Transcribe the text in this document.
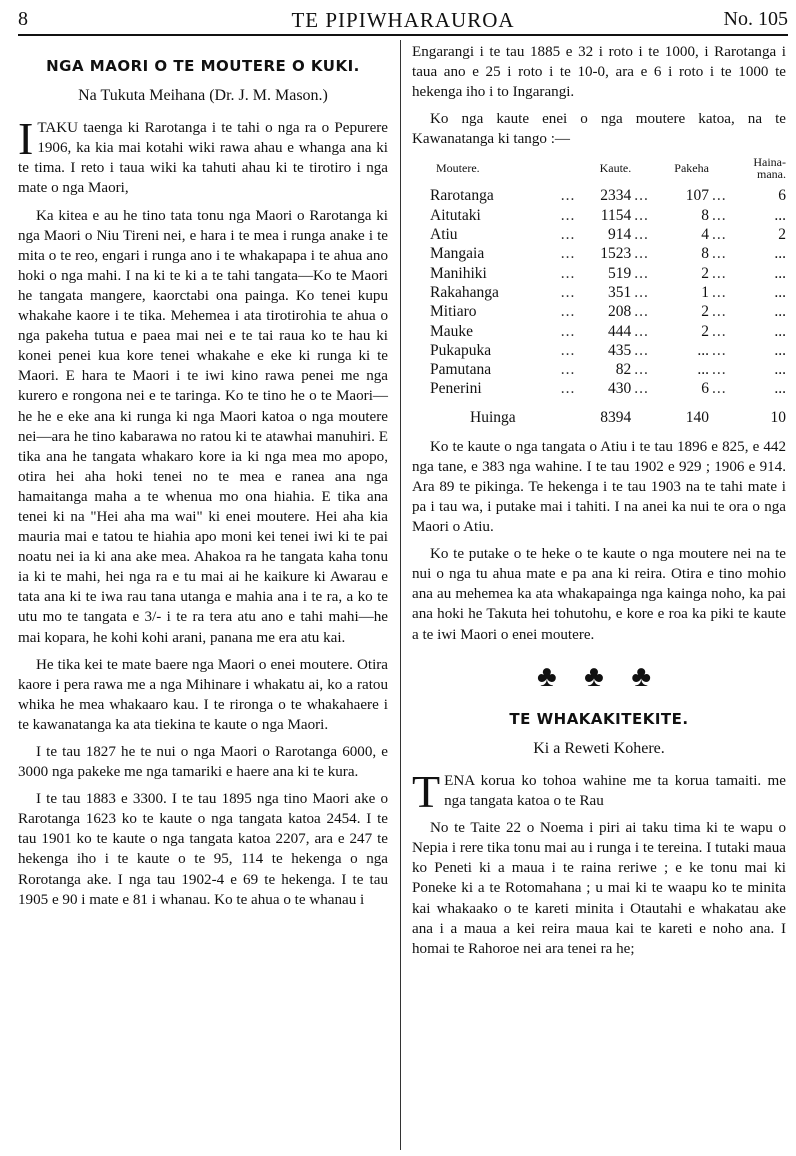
8	TE PIPIWHARAUROA	No. 105
NGA MAORI O TE MOUTERE O KUKI.
Na Tukuta Meihana (Dr. J. M. Mason.)

ITAKU taenga ki Rarotanga i te tahi o nga ra o Pepurere 1906, ka kia mai kotahi wiki rawa ahau e whanga ana ki te tima. I reto i taua wiki ka tahuti ahau ki te tirotiro i nga mate o nga Maori,

Ka kitea e au he tino tata tonu nga Maori o Rarotanga ki nga Maori o Niu Tireni nei, e hara i te mea i runga anake i te mita o te reo, engari i runga ano i te whakapapa i te ahua ano hoki o nga mahi. I na ki te ki a te tahi tangata—Ko te Maori he tangata mangere, kaorctabi ona painga. Ko tenei kupu whakahe kaore i te tika. Mehemea i ata tirotirohia te ahua o nga pakeha tutua e paea mai nei e te tai raua ko te hau ki konei penei kua kore tenei whakahe e eke ki runga ki te Maori. E hara te Maori i te iwi kino rawa penei me nga kurero e rongona nei e te taringa. Ko te tino he o te Maori—he he e eke ana ki runga ki nga Maori katoa o nga moutere nei—ara he tino kabarawa no ratou ki te atawhai manuhiri. E tika ana he tangata whakaro kore ia ki nga mea mo apopo, otira hei aha hoki tenei no te mea e ranea ana nga hamaitanga maha a te whenua mo ona hiahia. E tika ana tenei ki na "Hei aha ma wai" ki enei moutere. Hei aha kia mauria mai e tatou te hiahia apo moni kei tenei iwi ki te pai noatu nei ia ki ana ake mea. Ahakoa ra he tangata kaha tonu ia ki te mahi, hei nga ra e tu mai ai he kaikure ki Awarau e tata ana ki te iwa rau tana utanga e mahia ana i te ra, a ko te utu mo te tangata e 3/- i te ra tera atu ano e tahi mahi—he mai kopara, he kohi kohi arani, panana me era atu kai.

He tika kei te mate baere nga Maori o enei moutere. Otira kaore i pera rawa me a nga Mihinare i whakatu ai, ko a ratou whika he mea whakaaro kau. I te rironga o te whakahaere i te kawanatanga ka ata tiekina te kaute o nga Maori.

I te tau 1827 he te nui o nga Maori o Rarotanga 6000, e 3000 nga pakeke me nga tamariki e haere ana ki te kura.

I te tau 1883 e 3300. I te tau 1895 nga tino Maori ake o Rarotanga 1623 ko te kaute o nga tangata katoa 2454. I te tau 1901 ko te kaute o nga tangata katoa 2207, ara e 247 te hekenga iho i te kaute o te 95, 114 te hekenga o nga Rorotanga ake. I nga tau 1902-4 e 69 te hekenga. I te tau 1905 e 90 i mate e 81 i whanau. Ko te ahua o te whanau i

Engarangi i te tau 1885 e 32 i roto i te 1000, i Rarotanga i taua ano e 25 i roto i te 10-0, ara e 6 i roto i te 1000 te hekenga iho i to Ingarangi.

Ko nga kaute enei o nga moutere katoa, na te Kawanatanga ki tango :—

Moutere.		Kaute.		Pakeha		Haina-mana.
Rarotanga	...	2334	...	107	...	6
Aitutaki	...	1154	...	8	...	...
Atiu	...	914	...	4	...	2
Mangaia	...	1523	...	8	...	...
Manihiki	...	519	...	2	...	...
Rakahanga	...	351	...	1	...	...
Mitiaro	...	208	...	2	...	...
Mauke	...	444	...	2	...	...
Pukapuka	...	435	...	...	...	...
Pamutana	...	82	...	...	...	...
Penerini	...	430	...	6	...	...
Huinga		8394		140		10

Ko te kaute o nga tangata o Atiu i te tau 1896 e 825, e 442 nga tane, e 383 nga wahine. I te tau 1902 e 929 ; 1906 e 914. Ara 89 te pikinga. Te hekenga i te tau 1903 na te tahi mate i pa i tau wa, i putake mai i tahiti. I na anei ka nui te ora o nga Maori o Atiu.

Ko te putake o te heke o te kaute o nga moutere nei na te nui o nga tu ahua mate e pa ana ki reira. Otira e tino mohio ana au mehemea ka ata whakapainga nga kainga noho, ka pai ana hoki he Takuta hei tohutohu, e kore e roa ka piki te kaute a te iwi Maori o enei moutere.

♣ ♣ ♣
TE WHAKAKITEKITE.
Ki a Reweti Kohere.

TENA korua ko tohoa wahine me ta korua tamaiti. me nga tangata katoa o te Rau

No te Taite 22 o Noema i piri ai taku tima ki te wapu o Nepia i rere tika tonu mai au i runga i te tereina. I tutaki maua ko Peneti ki a maua i te raina reriwe ; e ke tonu mai ki Poneke ki a te Rotomahana ; u mai ki te waapu ko te minita kai whakaako o te kareti minita i Otautahi e whakatau ake ana i a maua a kei reira maua kai te kareti e noho ana. I homai te Rahoroe nei ara tenei ra he;
